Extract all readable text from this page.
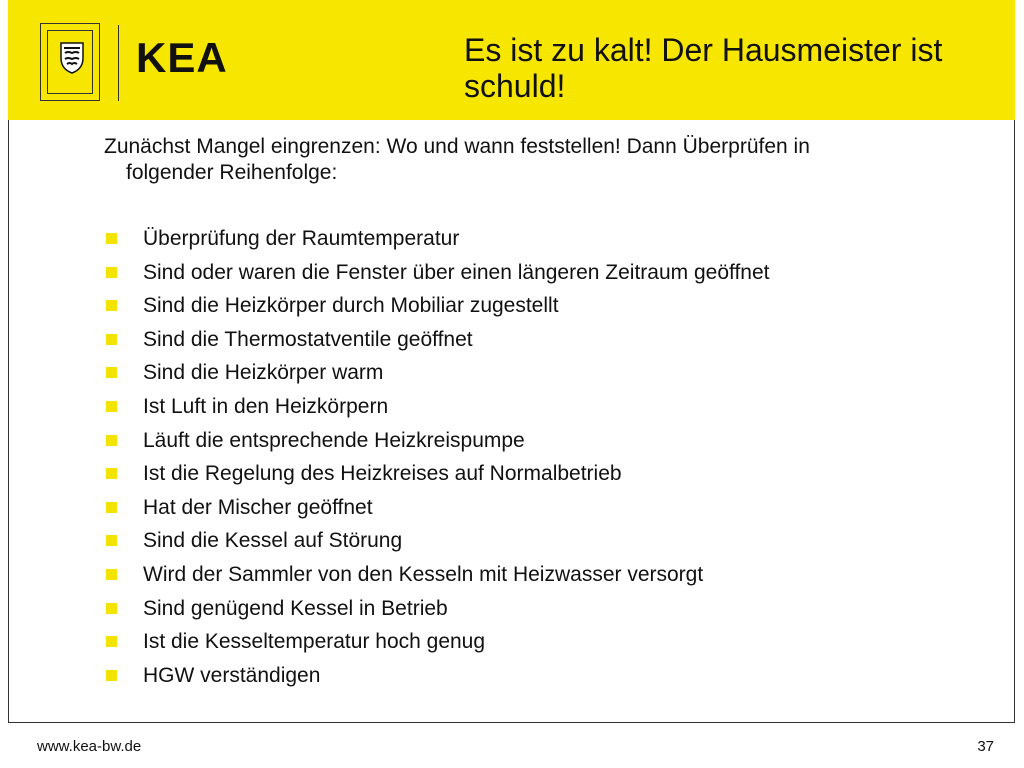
KEA	Es ist zu kalt! Der Hausmeister ist schuld!

Zunächst Mangel eingrenzen: Wo und wann feststellen! Dann Überprüfen in folgender Reihenfolge:

Überprüfung der Raumtemperatur
Sind oder waren die Fenster über einen längeren Zeitraum geöffnet
Sind die Heizkörper durch Mobiliar zugestellt
Sind die Thermostatventile geöffnet
Sind die Heizkörper warm
Ist Luft in den Heizkörpern
Läuft die entsprechende Heizkreispumpe
Ist die Regelung des Heizkreises auf Normalbetrieb
Hat der Mischer geöffnet
Sind die Kessel auf Störung
Wird der Sammler von den Kesseln mit Heizwasser versorgt
Sind genügend Kessel in Betrieb
Ist die Kesseltemperatur hoch genug
HGW verständigen
www.kea-bw.de	37
